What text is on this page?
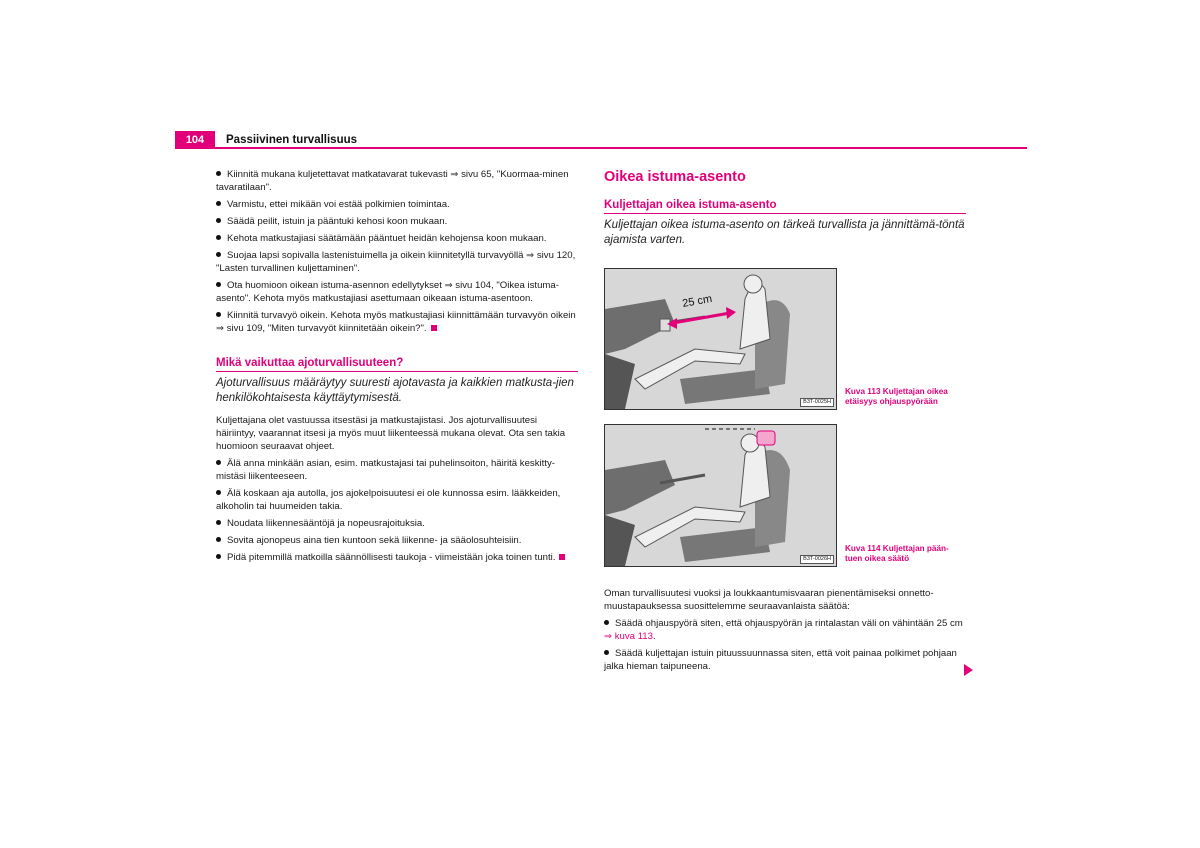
104	Passiivinen turvallisuus
Kiinnitä mukana kuljetettavat matkatavarat tukevasti ⇒ sivu 65, "Kuormaa-minen tavaratilaan".
Varmistu, ettei mikään voi estää polkimien toimintaa.
Säädä peilit, istuin ja pääntuki kehosi koon mukaan.
Kehota matkustajiasi säätämään pääntuet heidän kehojensa koon mukaan.
Suojaa lapsi sopivalla lastenistuimella ja oikein kiinnitetyllä turvavyöllä ⇒ sivu 120, "Lasten turvallinen kuljettaminen".
Ota huomioon oikean istuma-asennon edellytykset ⇒ sivu 104, "Oikea istuma-asento". Kehota myös matkustajiasi asettumaan oikeaan istuma-asentoon.
Kiinnitä turvavyö oikein. Kehota myös matkustajiasi kiinnittämään turvavyön oikein ⇒ sivu 109, "Miten turvavyöt kiinnitetään oikein?".
Mikä vaikuttaa ajoturvallisuuteen?
Ajoturvallisuus määräytyy suuresti ajotavasta ja kaikkien matkusta-jien henkilökohtaisesta käyttäytymisestä.
Kuljettajana olet vastuussa itsestäsi ja matkustajistasi. Jos ajoturvallisuutesi häiriintyy, vaarannat itsesi ja myös muut liikenteessä mukana olevat. Ota sen takia huomioon seuraavat ohjeet.
Älä anna minkään asian, esim. matkustajasi tai puhelinsoiton, häiritä keskitty-mistäsi liikenteeseen.
Älä koskaan aja autolla, jos ajokelpoisuutesi ei ole kunnossa esim. lääkkeiden, alkoholin tai huumeiden takia.
Noudata liikennesääntöjä ja nopeusrajoituksia.
Sovita ajonopeus aina tien kuntoon sekä liikenne- ja sääolosuhteisiin.
Pidä pitemmillä matkoilla säännöllisesti taukoja - viimeistään joka toinen tunti.
Oikea istuma-asento
Kuljettajan oikea istuma-asento
Kuljettajan oikea istuma-asento on tärkeä turvallista ja jännittämä-töntä ajamista varten.
25 cm
B3T-0025H
Kuva 113 Kuljettajan oikea
etäisyys ohjauspyörään
B3T-0026H
Kuva 114 Kuljettajan pään-
tuen oikea säätö
Oman turvallisuutesi vuoksi ja loukkaantumisvaaran pienentämiseksi onnetto-muustapauksessa suosittelemme seuraavanlaista säätöä:
Säädä ohjauspyörä siten, että ohjauspyörän ja rintalastan väli on vähintään 25 cm ⇒ kuva 113.
Säädä kuljettajan istuin pituussuunnassa siten, että voit painaa polkimet pohjaan jalka hieman taipuneena.
